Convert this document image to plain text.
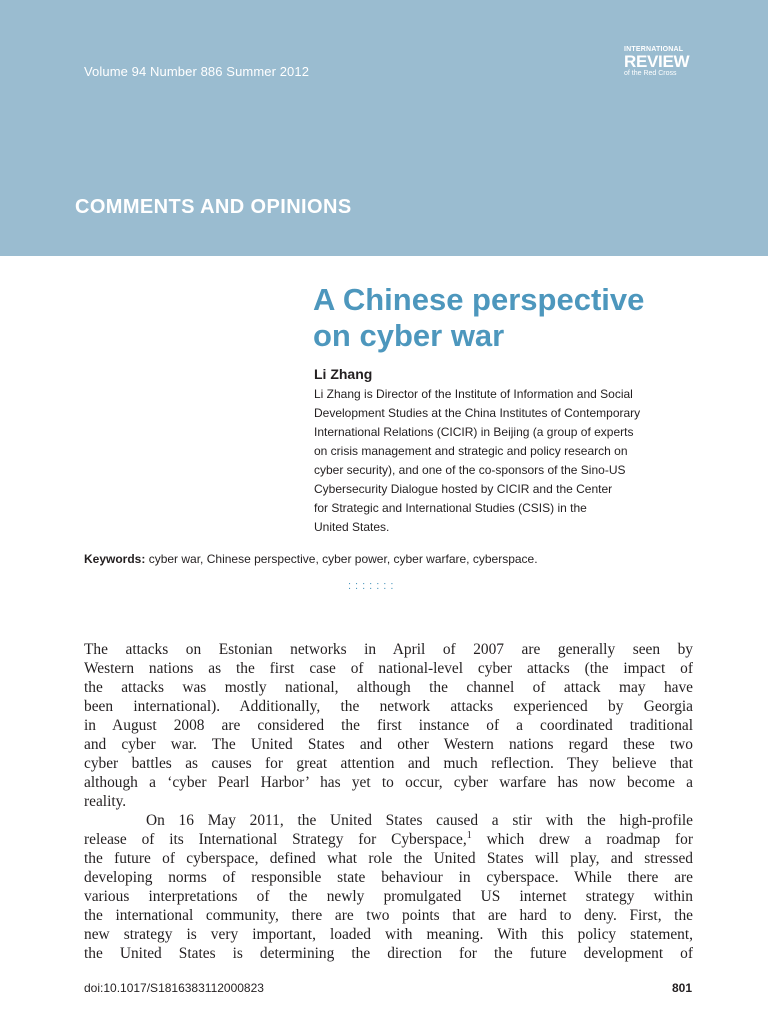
Volume 94 Number 886 Summer 2012
INTERNATIONAL
REVIEW
of the Red Cross
COMMENTS AND OPINIONS
A Chinese perspective
on cyber war
Li Zhang
Li Zhang is Director of the Institute of Information and Social
Development Studies at the China Institutes of Contemporary
International Relations (CICIR) in Beijing (a group of experts
on crisis management and strategic and policy research on
cyber security), and one of the co-sponsors of the Sino-US
Cybersecurity Dialogue hosted by CICIR and the Center
for Strategic and International Studies (CSIS) in the
United States.
Keywords: cyber war, Chinese perspective, cyber power, cyber warfare, cyberspace.
:::::::
The attacks on Estonian networks in April of 2007 are generally seen by
Western nations as the first case of national-level cyber attacks (the impact of
the attacks was mostly national, although the channel of attack may have
been international). Additionally, the network attacks experienced by Georgia
in August 2008 are considered the first instance of a coordinated traditional
and cyber war. The United States and other Western nations regard these two
cyber battles as causes for great attention and much reflection. They believe that
although a ‘cyber Pearl Harbor’ has yet to occur, cyber warfare has now become a
reality.
On 16 May 2011, the United States caused a stir with the high-profile
release of its International Strategy for Cyberspace,$^1$ which drew a roadmap for
the future of cyberspace, defined what role the United States will play, and stressed
developing norms of responsible state behaviour in cyberspace. While there are
various interpretations of the newly promulgated US internet strategy within
the international community, there are two points that are hard to deny. First, the
new strategy is very important, loaded with meaning. With this policy statement,
the United States is determining the direction for the future development of
doi:10.1017/S1816383112000823	801
